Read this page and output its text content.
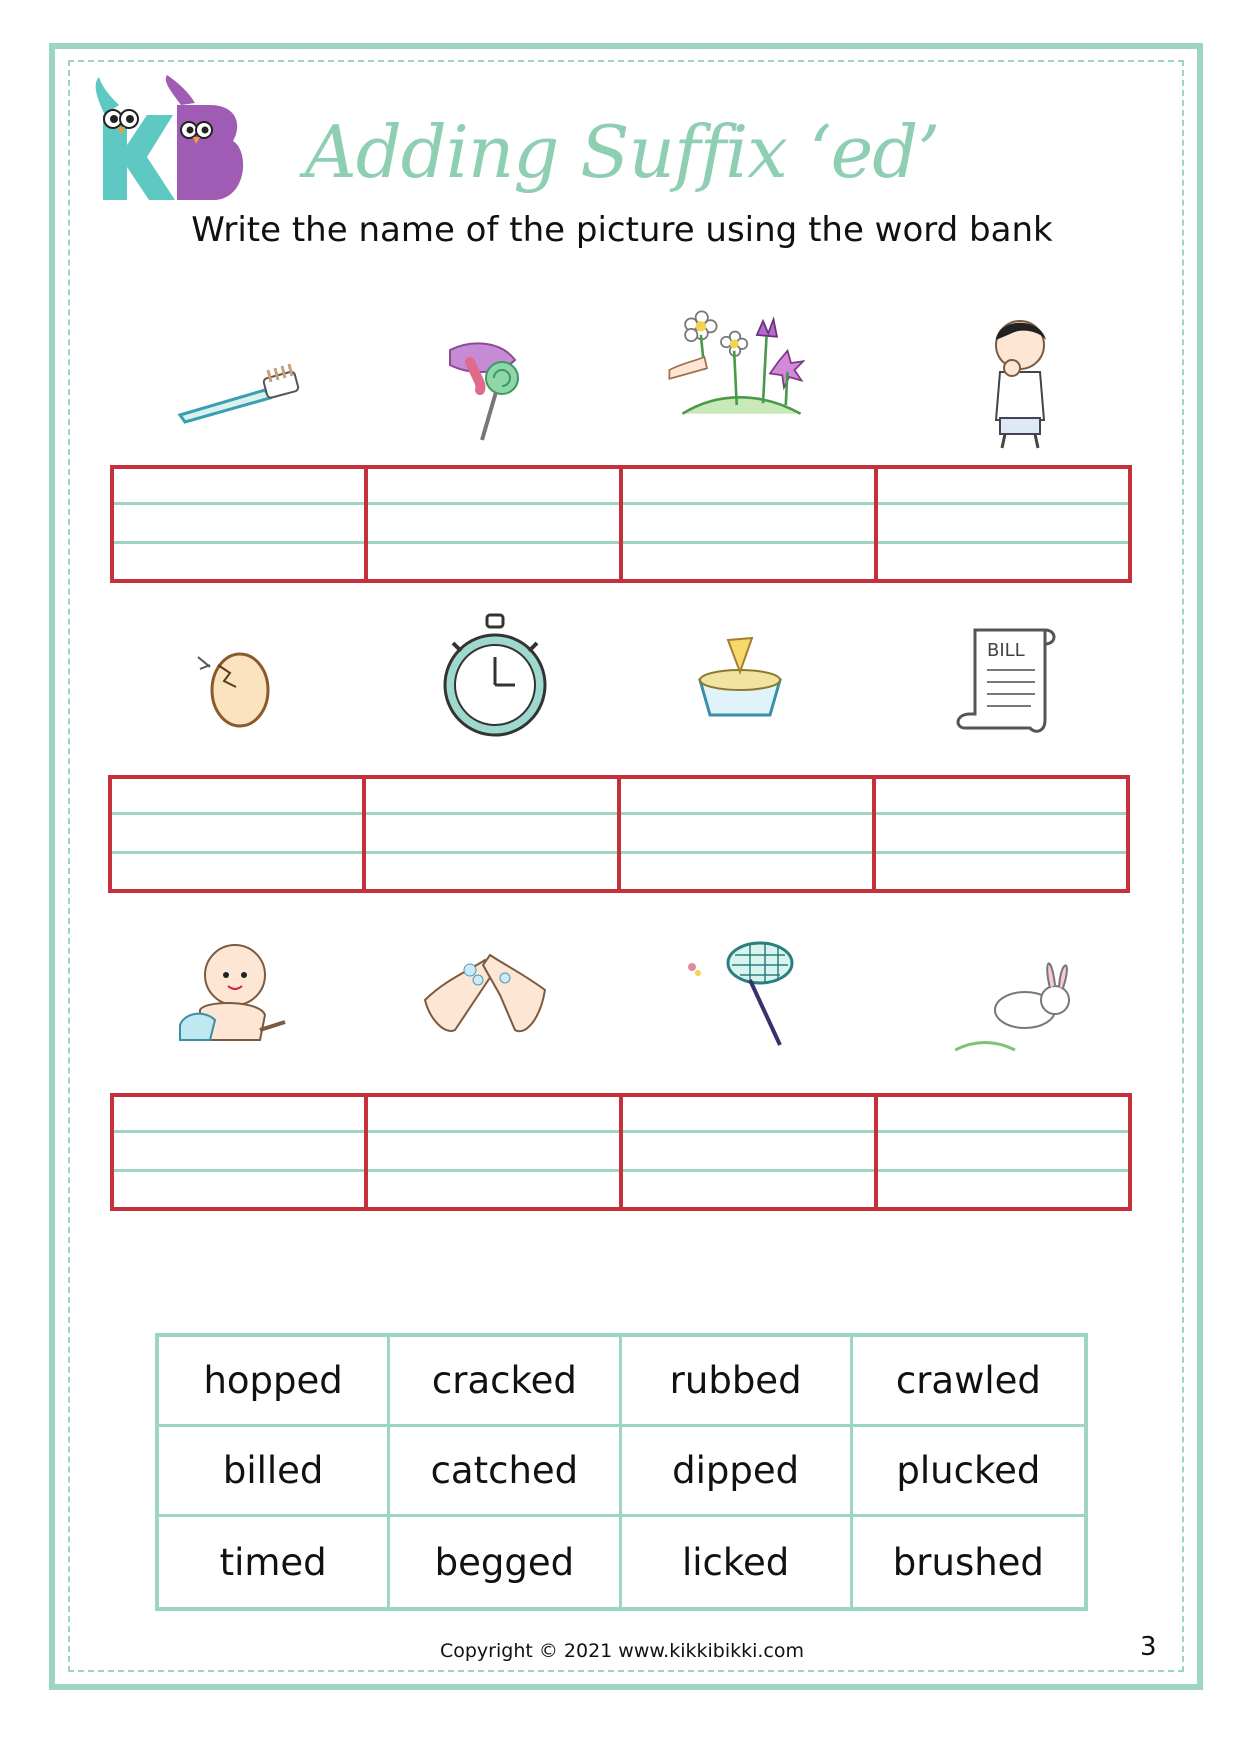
Adding Suffix ‘ed’
Write the name of the picture using the word bank
BILL
hopped	cracked	rubbed	crawled
billed	catched	dipped	plucked
timed	begged	licked	brushed
Copyright © 2021 www.kikkibikki.com	3
